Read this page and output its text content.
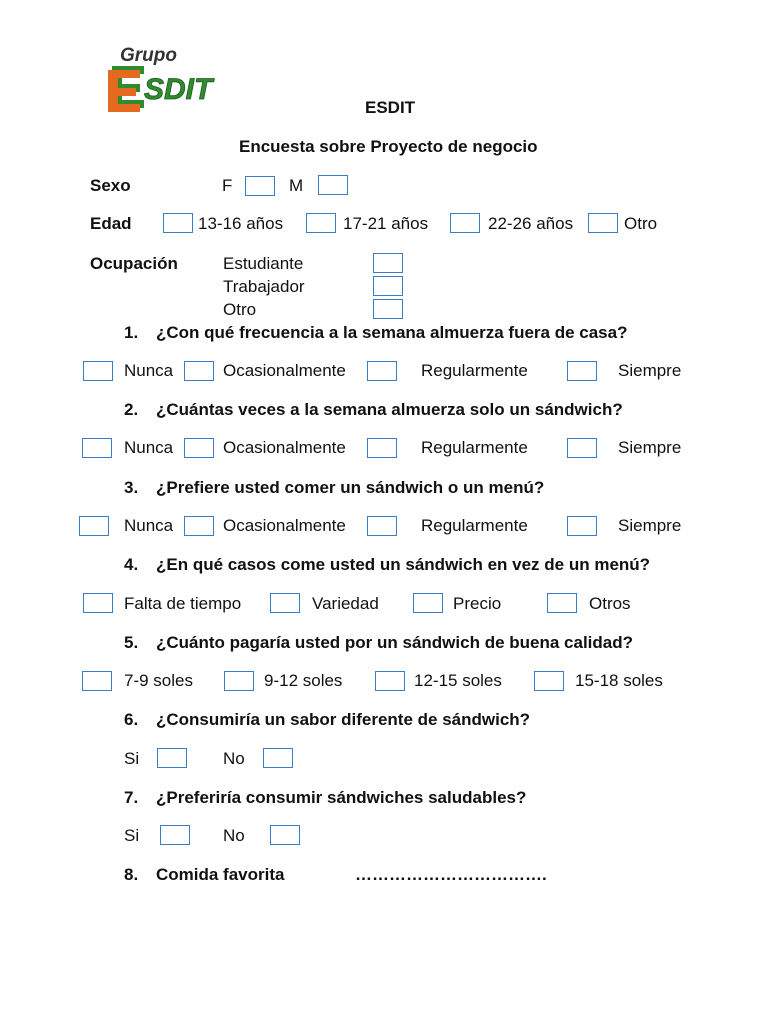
Grupo
SDIT
ESDIT
Encuesta sobre Proyecto de negocio
Sexo	F	M
Edad	13-16 años	17-21 años	22-26 años	Otro
Ocupación	Estudiante
Trabajador
Otro
1. ¿Con qué frecuencia a la semana almuerza fuera de casa?
Nunca	Ocasionalmente	Regularmente	Siempre
2. ¿Cuántas veces a la semana almuerza solo un sándwich?
Nunca	Ocasionalmente	Regularmente	Siempre
3. ¿Prefiere usted comer un sándwich o un menú?
Nunca	Ocasionalmente	Regularmente	Siempre
4. ¿En qué casos come usted un sándwich en vez de un menú?
Falta de tiempo	Variedad	Precio	Otros
5. ¿Cuánto pagaría usted por un sándwich de buena calidad?
7-9 soles	9-12 soles	12-15 soles	15-18 soles
6. ¿Consumiría un sabor diferente de sándwich?
Si	No
7. ¿Preferiría consumir sándwiches saludables?
Si	No
8. Comida favorita	…………………………….
